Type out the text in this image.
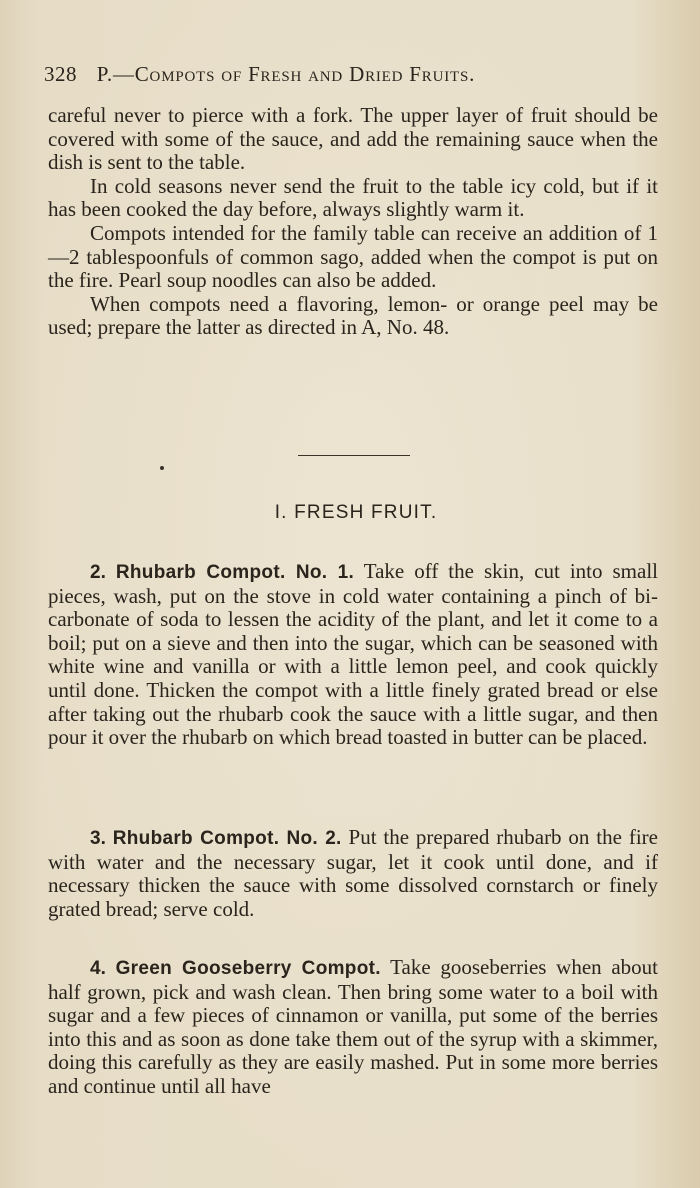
328 P.—Compots of Fresh and Dried Fruits.

careful never to pierce with a fork. The upper layer of fruit should be covered with some of the sauce, and add the remaining sauce when the dish is sent to the table.

In cold seasons never send the fruit to the table icy cold, but if it has been cooked the day before, always slightly warm it.

Compots intended for the family table can receive an addition of 1—2 tablespoonfuls of common sago, added when the compot is put on the fire. Pearl soup noodles can also be added.

When compots need a flavoring, lemon- or orange peel may be used; prepare the latter as directed in A, No. 48.

I. FRESH FRUIT.

2. Rhubarb Compot. No. 1. Take off the skin, cut into small pieces, wash, put on the stove in cold water containing a pinch of bi-carbonate of soda to lessen the acidity of the plant, and let it come to a boil; put on a sieve and then into the sugar, which can be seasoned with white wine and vanilla or with a little lemon peel, and cook quickly until done. Thicken the compot with a little finely grated bread or else after taking out the rhubarb cook the sauce with a little sugar, and then pour it over the rhubarb on which bread toasted in butter can be placed.

3. Rhubarb Compot. No. 2. Put the prepared rhubarb on the fire with water and the necessary sugar, let it cook until done, and if necessary thicken the sauce with some dissolved cornstarch or finely grated bread; serve cold.

4. Green Gooseberry Compot. Take gooseberries when about half grown, pick and wash clean. Then bring some water to a boil with sugar and a few pieces of cinnamon or vanilla, put some of the berries into this and as soon as done take them out of the syrup with a skimmer, doing this carefully as they are easily mashed. Put in some more berries and continue until all have
